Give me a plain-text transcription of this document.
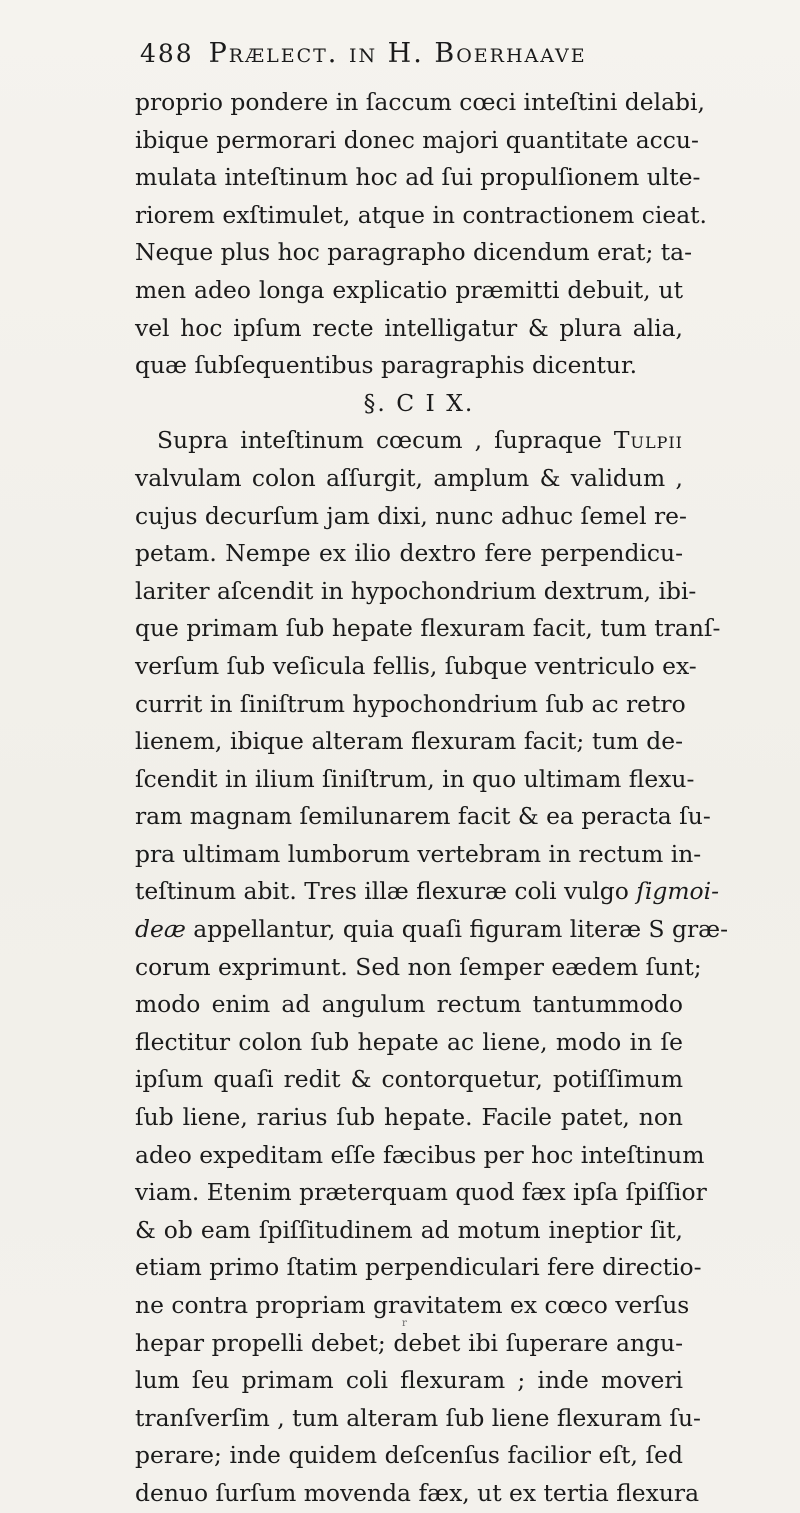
488 Prælect. in H. Boerhaave
proprio pondere in ſaccum cœci inteſtini delabi,
ibique permorari donec majori quantitate accu-
mulata inteſtinum hoc ad ſui propulſionem ulte-
riorem exſtimulet, atque in contractionem cieat.
Neque plus hoc paragrapho dicendum erat; ta-
men adeo longa explicatio præmitti debuit, ut
vel hoc ipſum recte intelligatur & plura alia,
quæ ſubſequentibus paragraphis dicentur.
§. C I X.
Supra inteſtinum cœcum , ſupraque Tulpii
valvulam colon aſſurgit, amplum & validum ,
cujus decurſum jam dixi, nunc adhuc ſemel re-
petam. Nempe ex ilio dextro fere perpendicu-
lariter aſcendit in hypochondrium dextrum, ibi-
que primam ſub hepate flexuram facit, tum tranſ-
verſum ſub veſicula fellis, ſubque ventriculo ex-
currit in ſiniſtrum hypochondrium ſub ac retro
lienem, ibique alteram flexuram facit; tum de-
ſcendit in ilium ſiniſtrum, in quo ultimam flexu-
ram magnam ſemilunarem facit & ea peracta ſu-
pra ultimam lumborum vertebram in rectum in-
teſtinum abit. Tres illæ flexuræ coli vulgo ſigmoi-
deæ appellantur, quia quaſi figuram literæ S græ-
corum exprimunt. Sed non ſemper eædem ſunt;
modo enim ad angulum rectum tantummodo
flectitur colon ſub hepate ac liene, modo in ſe
ipſum quaſi redit & contorquetur, potiſſimum
ſub liene, rarius ſub hepate. Facile patet, non
adeo expeditam eſſe fæcibus per hoc inteſtinum
viam. Etenim præterquam quod fæx ipſa ſpiſſior
& ob eam ſpiſſitudinem ad motum ineptior ſit,
etiam primo ſtatim perpendiculari fere directio-
ne contra propriam gravitatem ex cœco verſus
hepar propelli debet; debet ibi ſuperare angu-
lum ſeu primam coli flexuram ; inde moveri
tranſverſim , tum alteram ſub liene flexuram ſu-
perare; inde quidem deſcenſus facilior eſt, ſed
denuo ſurſum movenda fæx, ut ex tertia flexura
r
